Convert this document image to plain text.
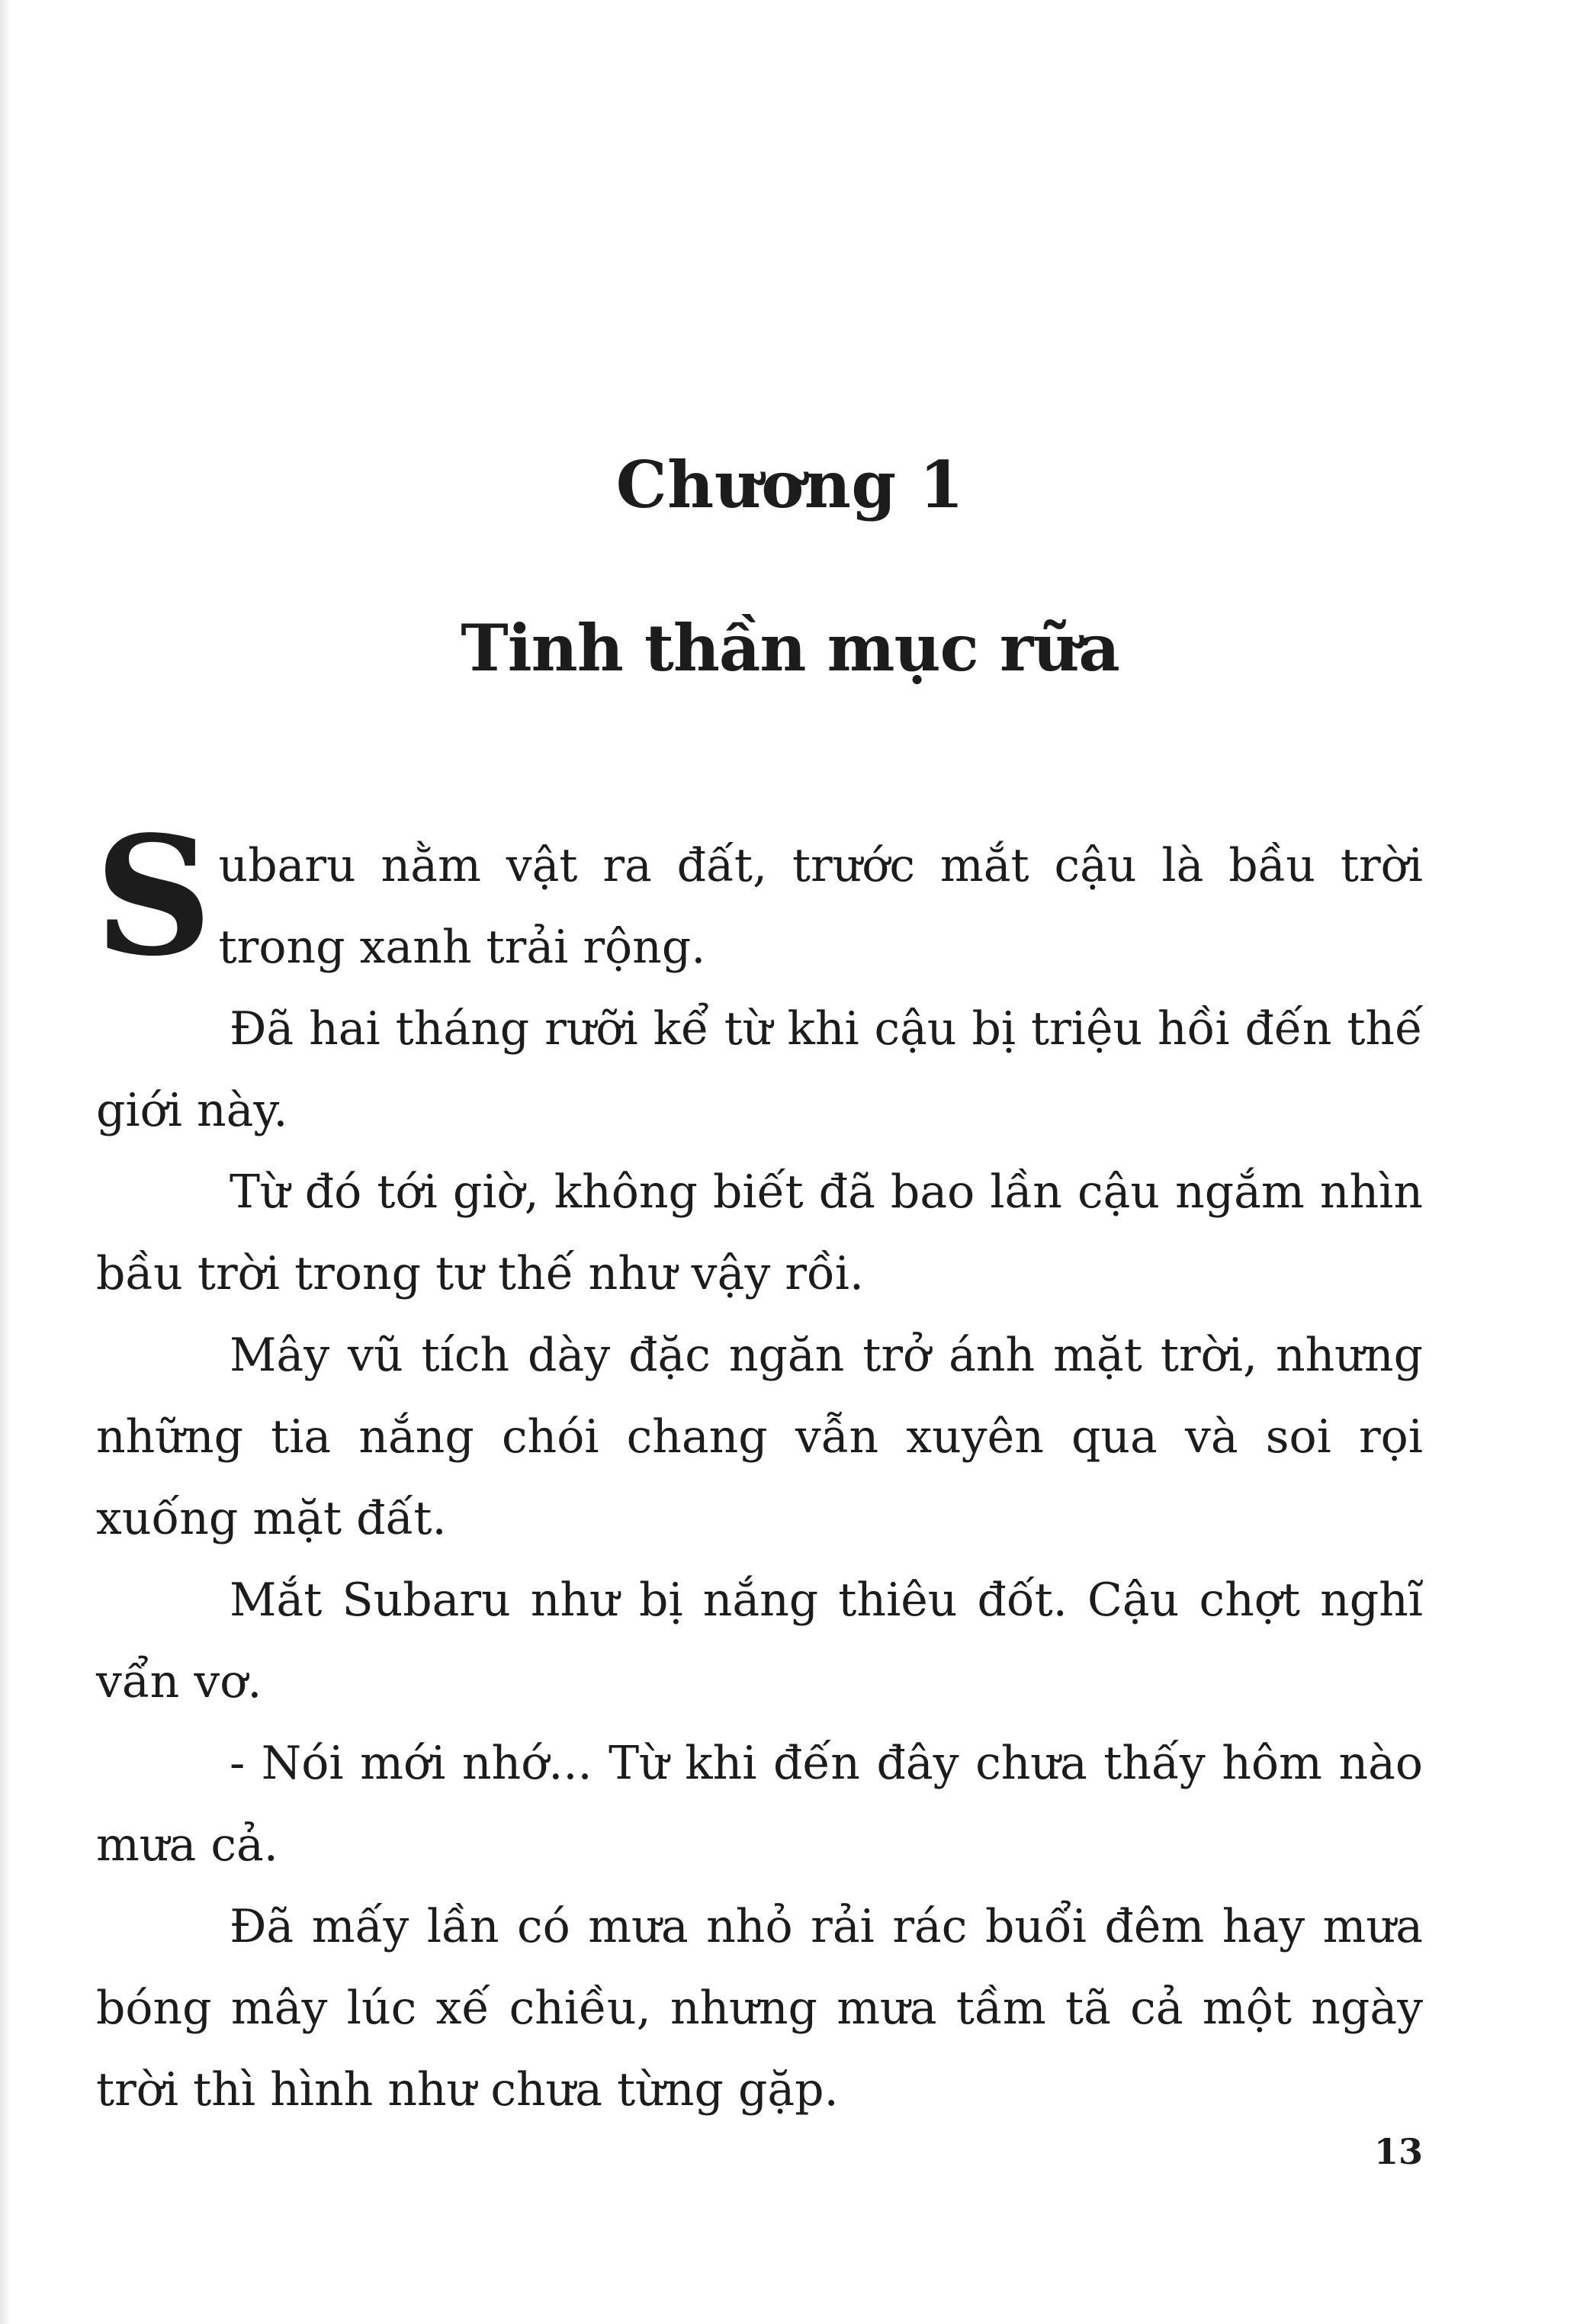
Chương 1
Tinh thần mục rữa

Subaru nằm vật ra đất, trước mắt cậu là bầu trời trong xanh trải rộng.

Đã hai tháng rưỡi kể từ khi cậu bị triệu hồi đến thế giới này.

Từ đó tới giờ, không biết đã bao lần cậu ngắm nhìn bầu trời trong tư thế như vậy rồi.

Mây vũ tích dày đặc ngăn trở ánh mặt trời, nhưng những tia nắng chói chang vẫn xuyên qua và soi rọi xuống mặt đất.

Mắt Subaru như bị nắng thiêu đốt. Cậu chợt nghĩ vẩn vơ.

- Nói mới nhớ... Từ khi đến đây chưa thấy hôm nào mưa cả.

Đã mấy lần có mưa nhỏ rải rác buổi đêm hay mưa bóng mây lúc xế chiều, nhưng mưa tầm tã cả một ngày trời thì hình như chưa từng gặp.

13
